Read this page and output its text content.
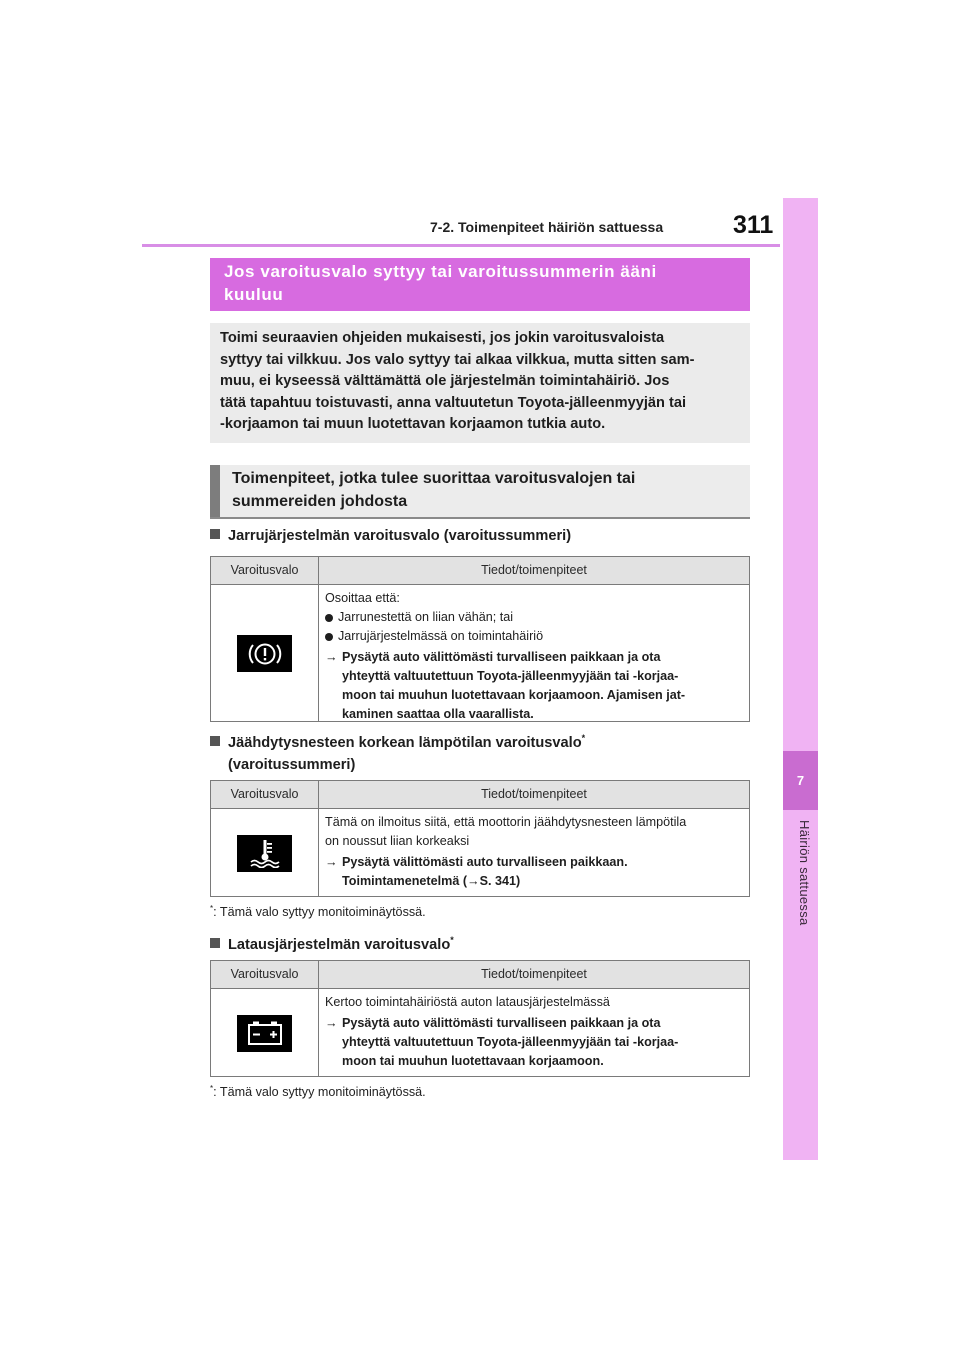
7-2. Toimenpiteet häiriön sattuessa	311
7
Häiriön sattuessa
Jos varoitusvalo syttyy tai varoitussummerin ääni
kuuluu
Toimi seuraavien ohjeiden mukaisesti, jos jokin varoitusvaloista
syttyy tai vilkkuu. Jos valo syttyy tai alkaa vilkkua, mutta sitten sam-
muu, ei kyseessä välttämättä ole järjestelmän toimintahäiriö. Jos
tätä tapahtuu toistuvasti, anna valtuutetun Toyota-jälleenmyyjän tai
-korjaamon tai muun luotettavan korjaamon tutkia auto.
Toimenpiteet, jotka tulee suorittaa varoitusvalojen tai
summereiden johdosta
Jarrujärjestelmän varoitusvalo (varoitussummeri)
Varoitusvalo	Tiedot/toimenpiteet
Osoittaa että:
Jarrunestettä on liian vähän; tai
Jarrujärjestelmässä on toimintahäiriö
→ Pysäytä auto välittömästi turvalliseen paikkaan ja ota
yhteyttä valtuutettuun Toyota-jälleenmyyjään tai -korjaa-
moon tai muuhun luotettavaan korjaamoon. Ajamisen jat-
kaminen saattaa olla vaarallista.
Jäähdytysnesteen korkean lämpötilan varoitusvalo*
(varoitussummeri)
Varoitusvalo	Tiedot/toimenpiteet
Tämä on ilmoitus siitä, että moottorin jäähdytysnesteen lämpötila
on noussut liian korkeaksi
→ Pysäytä välittömästi auto turvalliseen paikkaan.
Toimintamenetelmä (→S. 341)
*: Tämä valo syttyy monitoiminäytössä.
Latausjärjestelmän varoitusvalo*
Varoitusvalo	Tiedot/toimenpiteet
Kertoo toimintahäiriöstä auton latausjärjestelmässä
→ Pysäytä auto välittömästi turvalliseen paikkaan ja ota
yhteyttä valtuutettuun Toyota-jälleenmyyjään tai -korjaa-
moon tai muuhun luotettavaan korjaamoon.
*: Tämä valo syttyy monitoiminäytössä.
